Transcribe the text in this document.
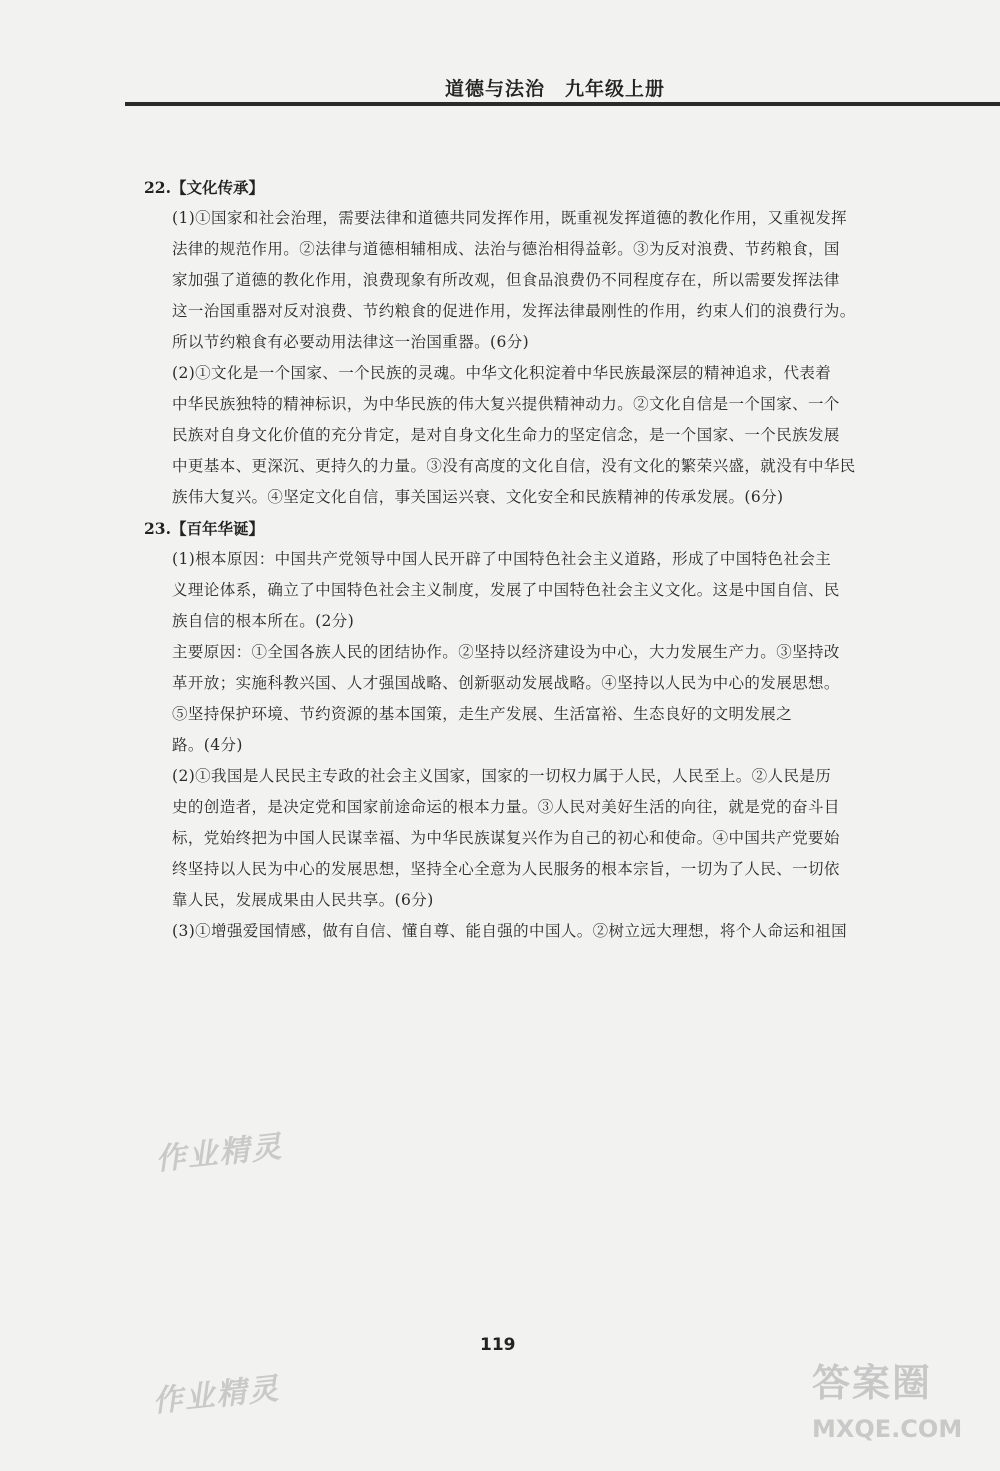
道德与法治　九年级上册
22.【文化传承】
(1)①国家和社会治理，需要法律和道德共同发挥作用，既重视发挥道德的教化作用，又重视发挥
法律的规范作用。②法律与道德相辅相成、法治与德治相得益彰。③为反对浪费、节药粮食，国
家加强了道德的教化作用，浪费现象有所改观，但食品浪费仍不同程度存在，所以需要发挥法律
这一治国重器对反对浪费、节约粮食的促进作用，发挥法律最刚性的作用，约束人们的浪费行为。
所以节约粮食有必要动用法律这一治国重器。(6分)
(2)①文化是一个国家、一个民族的灵魂。中华文化积淀着中华民族最深层的精神追求，代表着
中华民族独特的精神标识，为中华民族的伟大复兴提供精神动力。②文化自信是一个国家、一个
民族对自身文化价值的充分肯定，是对自身文化生命力的坚定信念，是一个国家、一个民族发展
中更基本、更深沉、更持久的力量。③没有高度的文化自信，没有文化的繁荣兴盛，就没有中华民
族伟大复兴。④坚定文化自信，事关国运兴衰、文化安全和民族精神的传承发展。(6分)
23.【百年华诞】
(1)根本原因：中国共产党领导中国人民开辟了中国特色社会主义道路，形成了中国特色社会主
义理论体系，确立了中国特色社会主义制度，发展了中国特色社会主义文化。这是中国自信、民
族自信的根本所在。(2分)
主要原因：①全国各族人民的团结协作。②坚持以经济建设为中心，大力发展生产力。③坚持改
革开放；实施科教兴国、人才强国战略、创新驱动发展战略。④坚持以人民为中心的发展思想。
⑤坚持保护环境、节约资源的基本国策，走生产发展、生活富裕、生态良好的文明发展之
路。(4分)
(2)①我国是人民民主专政的社会主义国家，国家的一切权力属于人民，人民至上。②人民是历
史的创造者，是决定党和国家前途命运的根本力量。③人民对美好生活的向往，就是党的奋斗目
标，党始终把为中国人民谋幸福、为中华民族谋复兴作为自己的初心和使命。④中国共产党要始
终坚持以人民为中心的发展思想，坚持全心全意为人民服务的根本宗旨，一切为了人民、一切依
靠人民，发展成果由人民共享。(6分)
(3)①增强爱国情感，做有自信、懂自尊、能自强的中国人。②树立远大理想，将个人命运和祖国
作业精灵
作业精灵
119
答案圈
MXQE.COM
